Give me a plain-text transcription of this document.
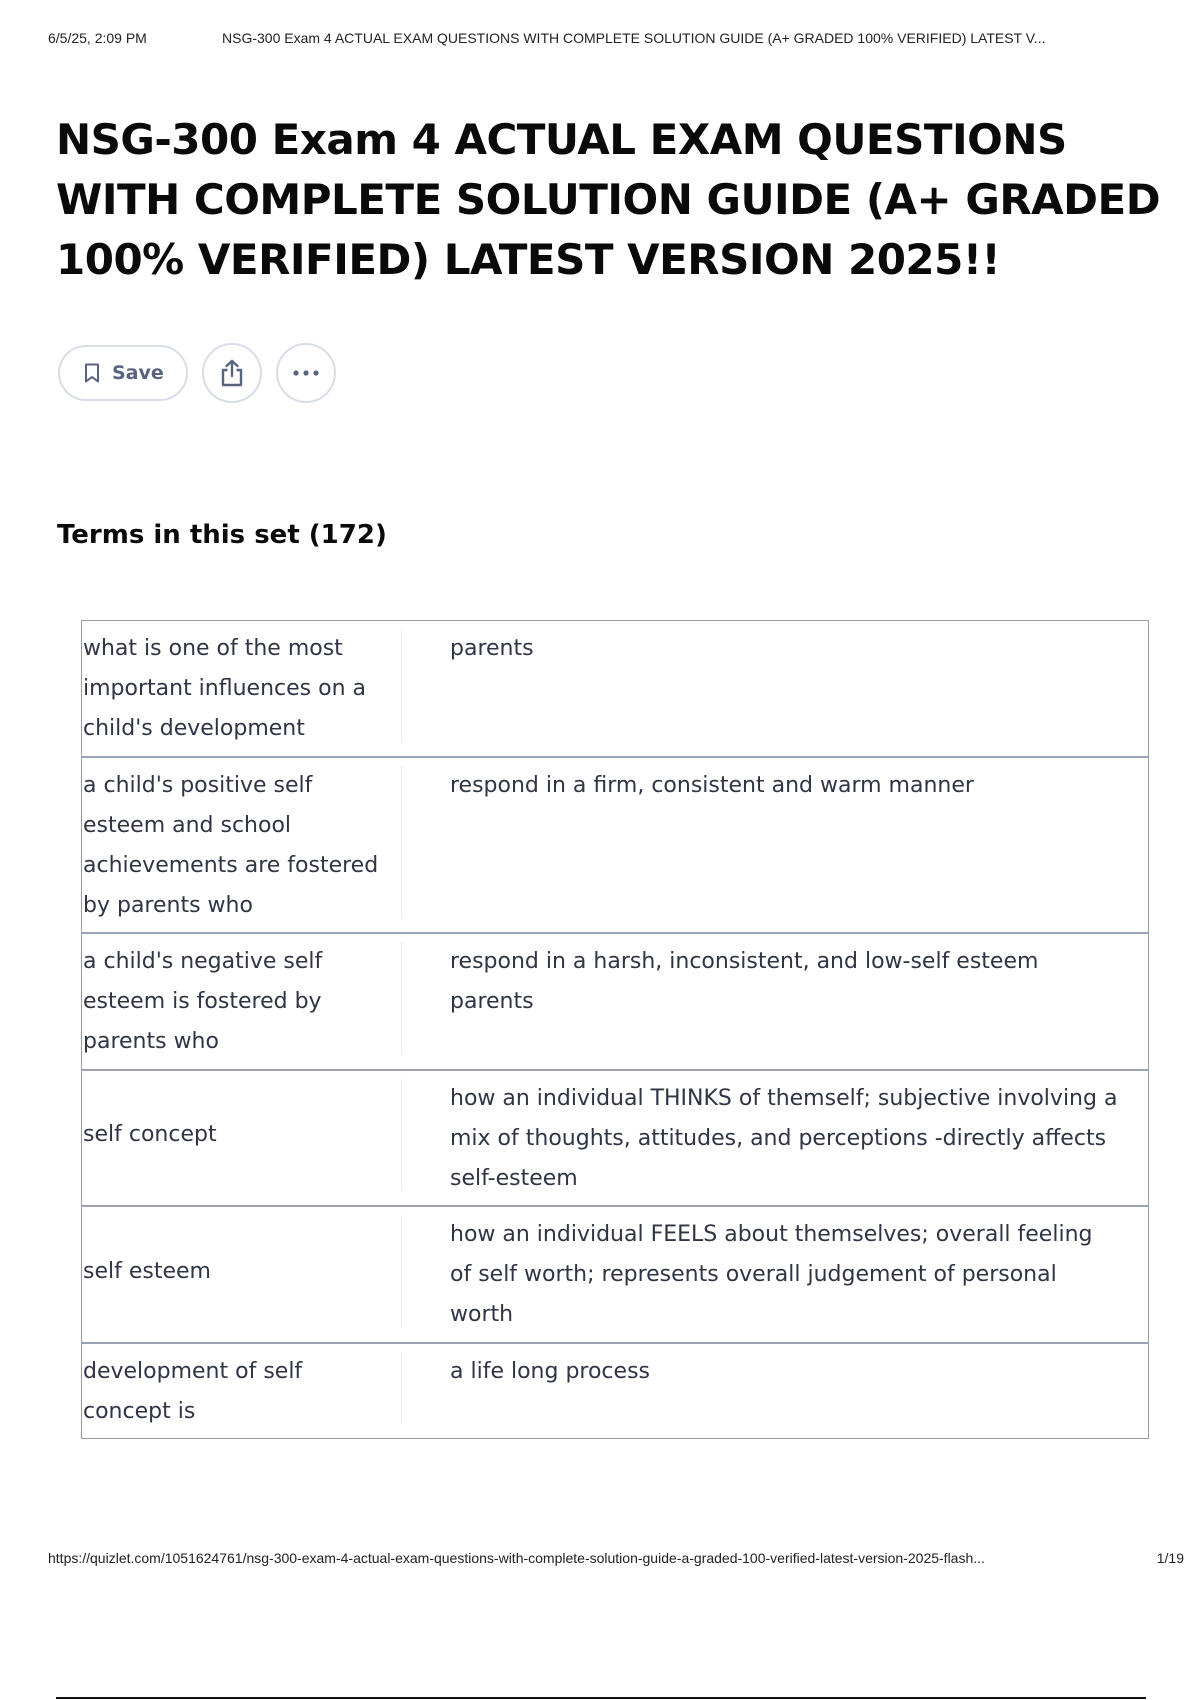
6/5/25, 2:09 PM	NSG-300 Exam 4 ACTUAL EXAM QUESTIONS WITH COMPLETE SOLUTION GUIDE (A+ GRADED 100% VERIFIED) LATEST V...
NSG-300 Exam 4 ACTUAL EXAM QUESTIONS WITH COMPLETE SOLUTION GUIDE (A+ GRADED 100% VERIFIED) LATEST VERSION 2025!!
Save
Terms in this set (172)
what is one of the most important influences on a child's development
parents
a child's positive self esteem and school achievements are fostered by parents who
respond in a firm, consistent and warm manner
a child's negative self esteem is fostered by parents who
respond in a harsh, inconsistent, and low-self esteem parents
self concept
how an individual THINKS of themself; subjective involving a mix of thoughts, attitudes, and perceptions -directly affects self-esteem
self esteem
how an individual FEELS about themselves; overall feeling of self worth; represents overall judgement of personal worth
development of self concept is
a life long process
https://quizlet.com/1051624761/nsg-300-exam-4-actual-exam-questions-with-complete-solution-guide-a-graded-100-verified-latest-version-2025-flash...	1/19
